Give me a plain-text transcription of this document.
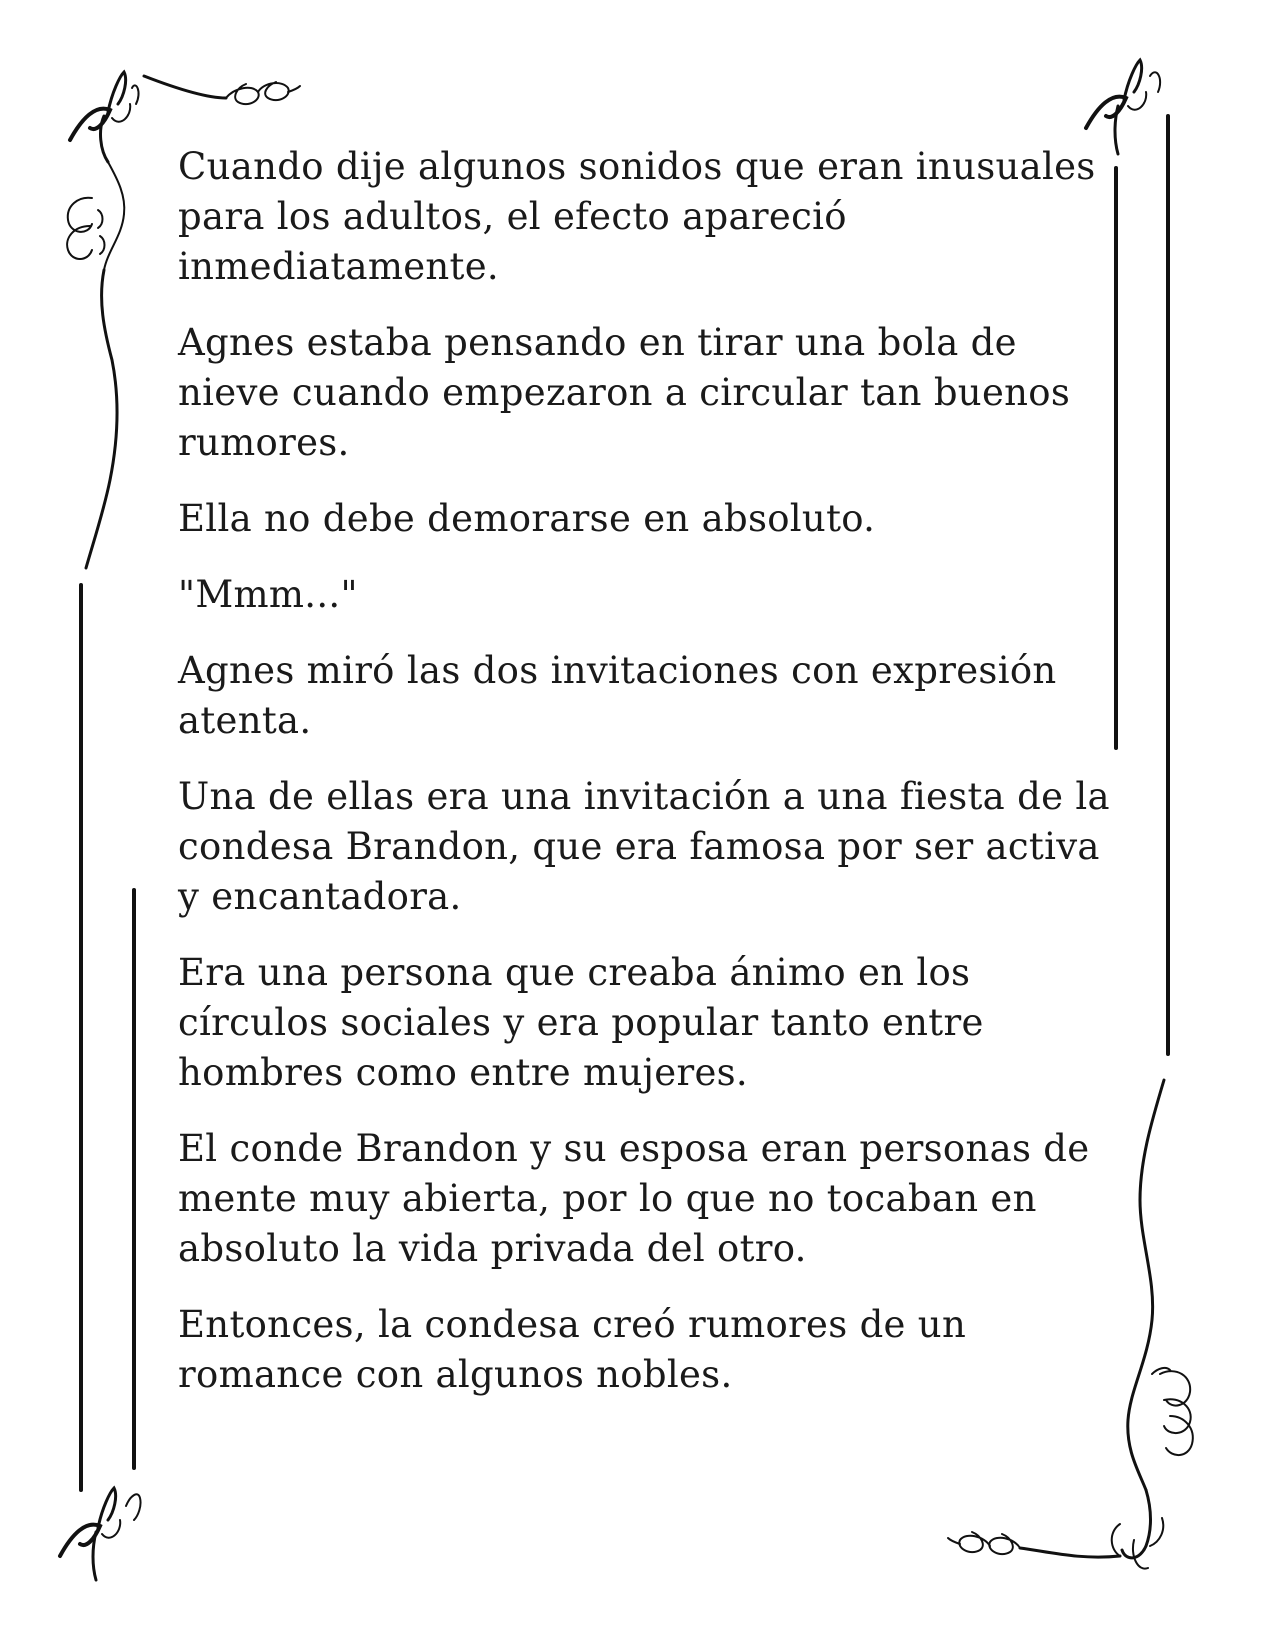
Cuando dije algunos sonidos que eran inusuales para los adultos, el efecto apareció inmediatamente.

Agnes estaba pensando en tirar una bola de nieve cuando empezaron a circular tan buenos rumores.

Ella no debe demorarse en absoluto.

"Mmm..."

Agnes miró las dos invitaciones con expresión atenta.

Una de ellas era una invitación a una fiesta de la condesa Brandon, que era famosa por ser activa y encantadora.

Era una persona que creaba ánimo en los círculos sociales y era popular tanto entre hombres como entre mujeres.

El conde Brandon y su esposa eran personas de mente muy abierta, por lo que no tocaban en absoluto la vida privada del otro.

Entonces, la condesa creó rumores de un romance con algunos nobles.
